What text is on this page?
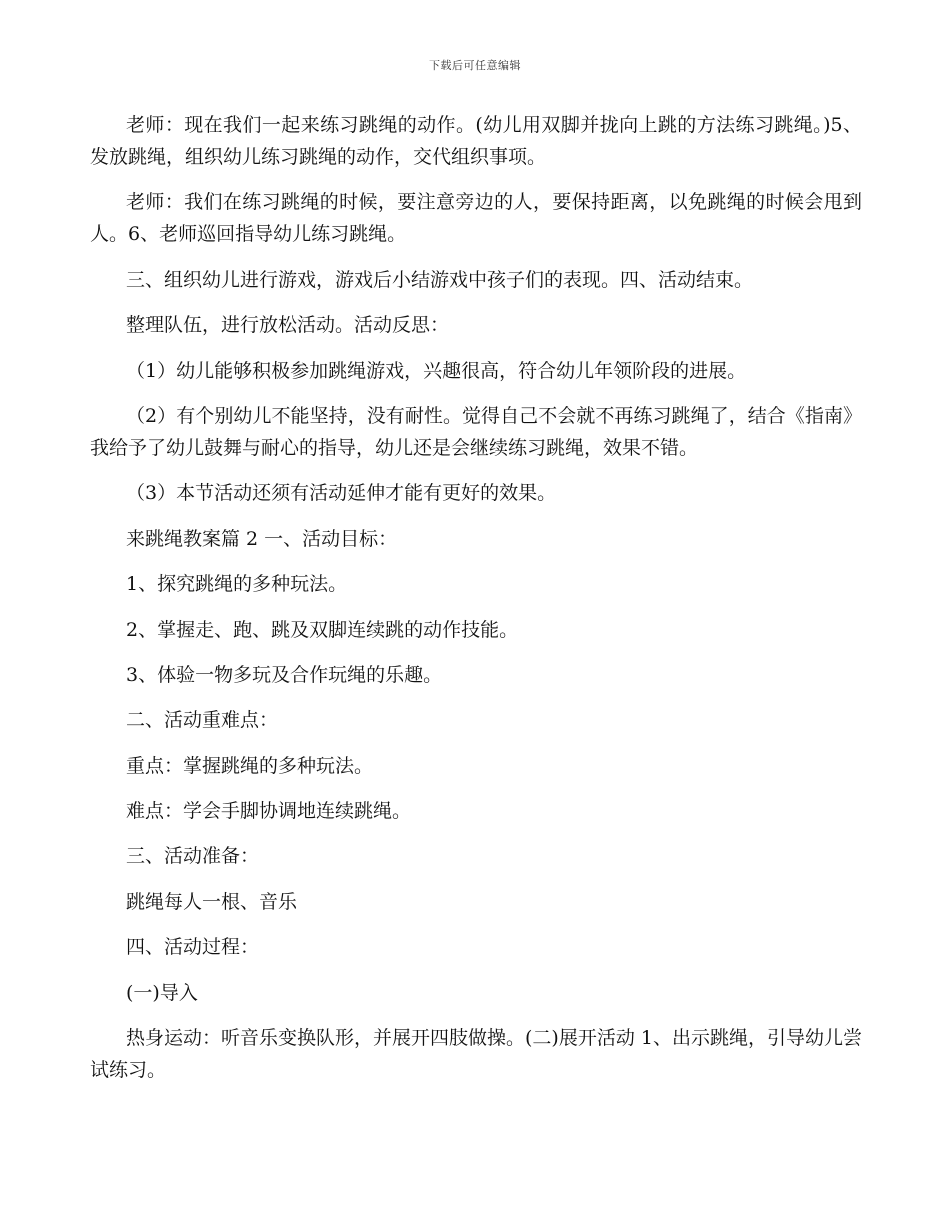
下载后可任意编辑

老师：现在我们一起来练习跳绳的动作。(幼儿用双脚并拢向上跳的方法练习跳绳。)5、发放跳绳，组织幼儿练习跳绳的动作，交代组织事项。

老师：我们在练习跳绳的时候，要注意旁边的人，要保持距离，以免跳绳的时候会甩到人。6、老师巡回指导幼儿练习跳绳。

三、组织幼儿进行游戏，游戏后小结游戏中孩子们的表现。四、活动结束。

整理队伍，进行放松活动。活动反思：

（1）幼儿能够积极参加跳绳游戏，兴趣很高，符合幼儿年领阶段的进展。

（2）有个别幼儿不能坚持，没有耐性。觉得自己不会就不再练习跳绳了，结合《指南》我给予了幼儿鼓舞与耐心的指导，幼儿还是会继续练习跳绳，效果不错。

（3）本节活动还须有活动延伸才能有更好的效果。

来跳绳教案篇 2 一、活动目标：

1、探究跳绳的多种玩法。

2、掌握走、跑、跳及双脚连续跳的动作技能。

3、体验一物多玩及合作玩绳的乐趣。

二、活动重难点：

重点：掌握跳绳的多种玩法。

难点：学会手脚协调地连续跳绳。

三、活动准备：

跳绳每人一根、音乐

四、活动过程：

(一)导入

热身运动：听音乐变换队形，并展开四肢做操。(二)展开活动 1、出示跳绳，引导幼儿尝试练习。
